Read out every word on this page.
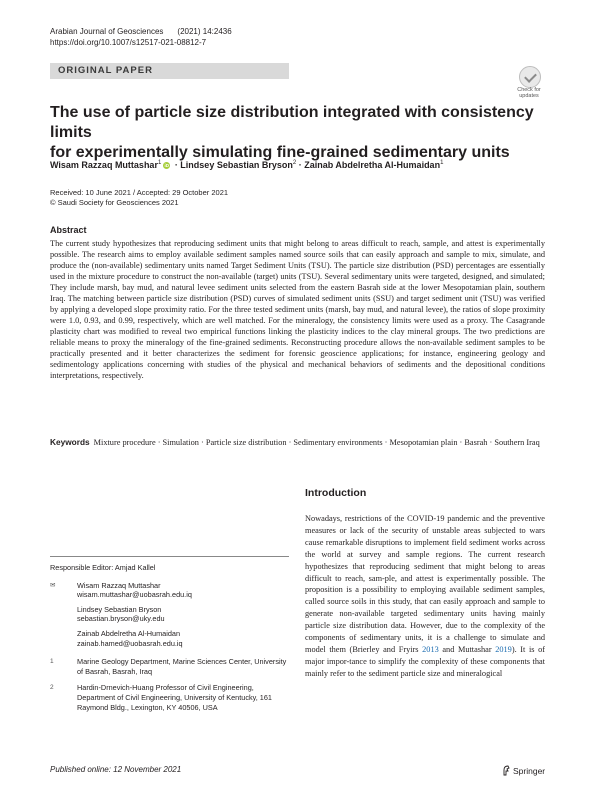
Arabian Journal of Geosciences (2021) 14:2436
https://doi.org/10.1007/s12517-021-08812-7
ORIGINAL PAPER
Check for updates
The use of particle size distribution integrated with consistency limits
for experimentally simulating fine-grained sedimentary units
Wisam Razzaq Muttashar$^1$ iD · Lindsey Sebastian Bryson$^2$ · Zainab Abdelretha Al-Humaidan$^1$
Received: 10 June 2021 / Accepted: 29 October 2021
© Saudi Society for Geosciences 2021
Abstract
The current study hypothesizes that reproducing sediment units that might belong to areas difficult to reach, sample, and attest is experimentally possible. The research aims to employ available sediment samples named source soils that can easily approach and sample to mix, simulate, and produce the (non-available) sedimentary units named Target Sediment Units (TSU). The particle size distribution (PSD) percentages are essentially used in the mixture procedure to construct the non-available (target) units (TSU). Several sedimentary units were targeted, designed, and simulated; They include marsh, bay mud, and natural levee sediment units selected from the eastern Basrah side at the lower Mesopotamian plain, southern Iraq. The matching between particle size distribution (PSD) curves of simulated sediment units (SSU) and target sediment unit (TSU) was verified by applying a developed slope proximity ratio. For the three tested sediment units (marsh, bay mud, and natural levee), the ratios of slope proximity were 1.0, 0.93, and 0.99, respectively, which are well matched. For the mineralogy, the consistency limits were used as a proxy. The Casagrande plasticity chart was modified to reveal two empirical functions linking the plasticity indices to the clay mineral groups. The two predictions are reliable means to proxy the mineralogy of the fine-grained sediments. Reconstructing procedure allows the non-available sediment samples to be practically presented and it better characterizes the sediment for forensic geoscience applications; for instance, engineering geology and sedimentology applications concerning with studies of the physical and mechanical behaviors of sediments and the depositional conditions interpretations, respectively.
Keywords Mixture procedure · Simulation · Particle size distribution · Sedimentary environments · Mesopotamian plain · Basrah · Southern Iraq
Introduction
Nowadays, restrictions of the COVID-19 pandemic and the preventive measures or lack of the security of unstable areas subjected to wars cause remarkable disruptions to implement field sediment works across the world at survey and sample regions. The current research hypothesizes that reproducing sediment that might belong to areas difficult to reach, sam-ple, and attest is experimentally possible. The proposition is a possibility to employing available sediment samples, called source soils in this study, that can easily approach and sample to generate non-available targeted sedimentary units having mainly particle size distribution data. However, due to the complexity of the components of sedimentary units, it is a challenge to simulate and model them (Brierley and Fryirs 2013 and Muttashar 2019). It is of major impor-tance to simplify the complexity of these components that mainly refer to the sediment particle size and mineralogical
Responsible Editor: Amjad Kallel
✉	Wisam Razzaq Muttashar
wisam.muttashar@uobasrah.edu.iq
Lindsey Sebastian Bryson
sebastian.bryson@uky.edu
Zainab Abdelretha Al-Humaidan
zainab.hamed@uobasrah.edu.iq
1	Marine Geology Department, Marine Sciences Center, University of Basrah, Basrah, Iraq
2	Hardin-Drnevich-Huang Professor of Civil Engineering, Department of Civil Engineering, University of Kentucky, 161 Raymond Bldg., Lexington, KY 40506, USA
Published online: 12 November 2021	Springer
